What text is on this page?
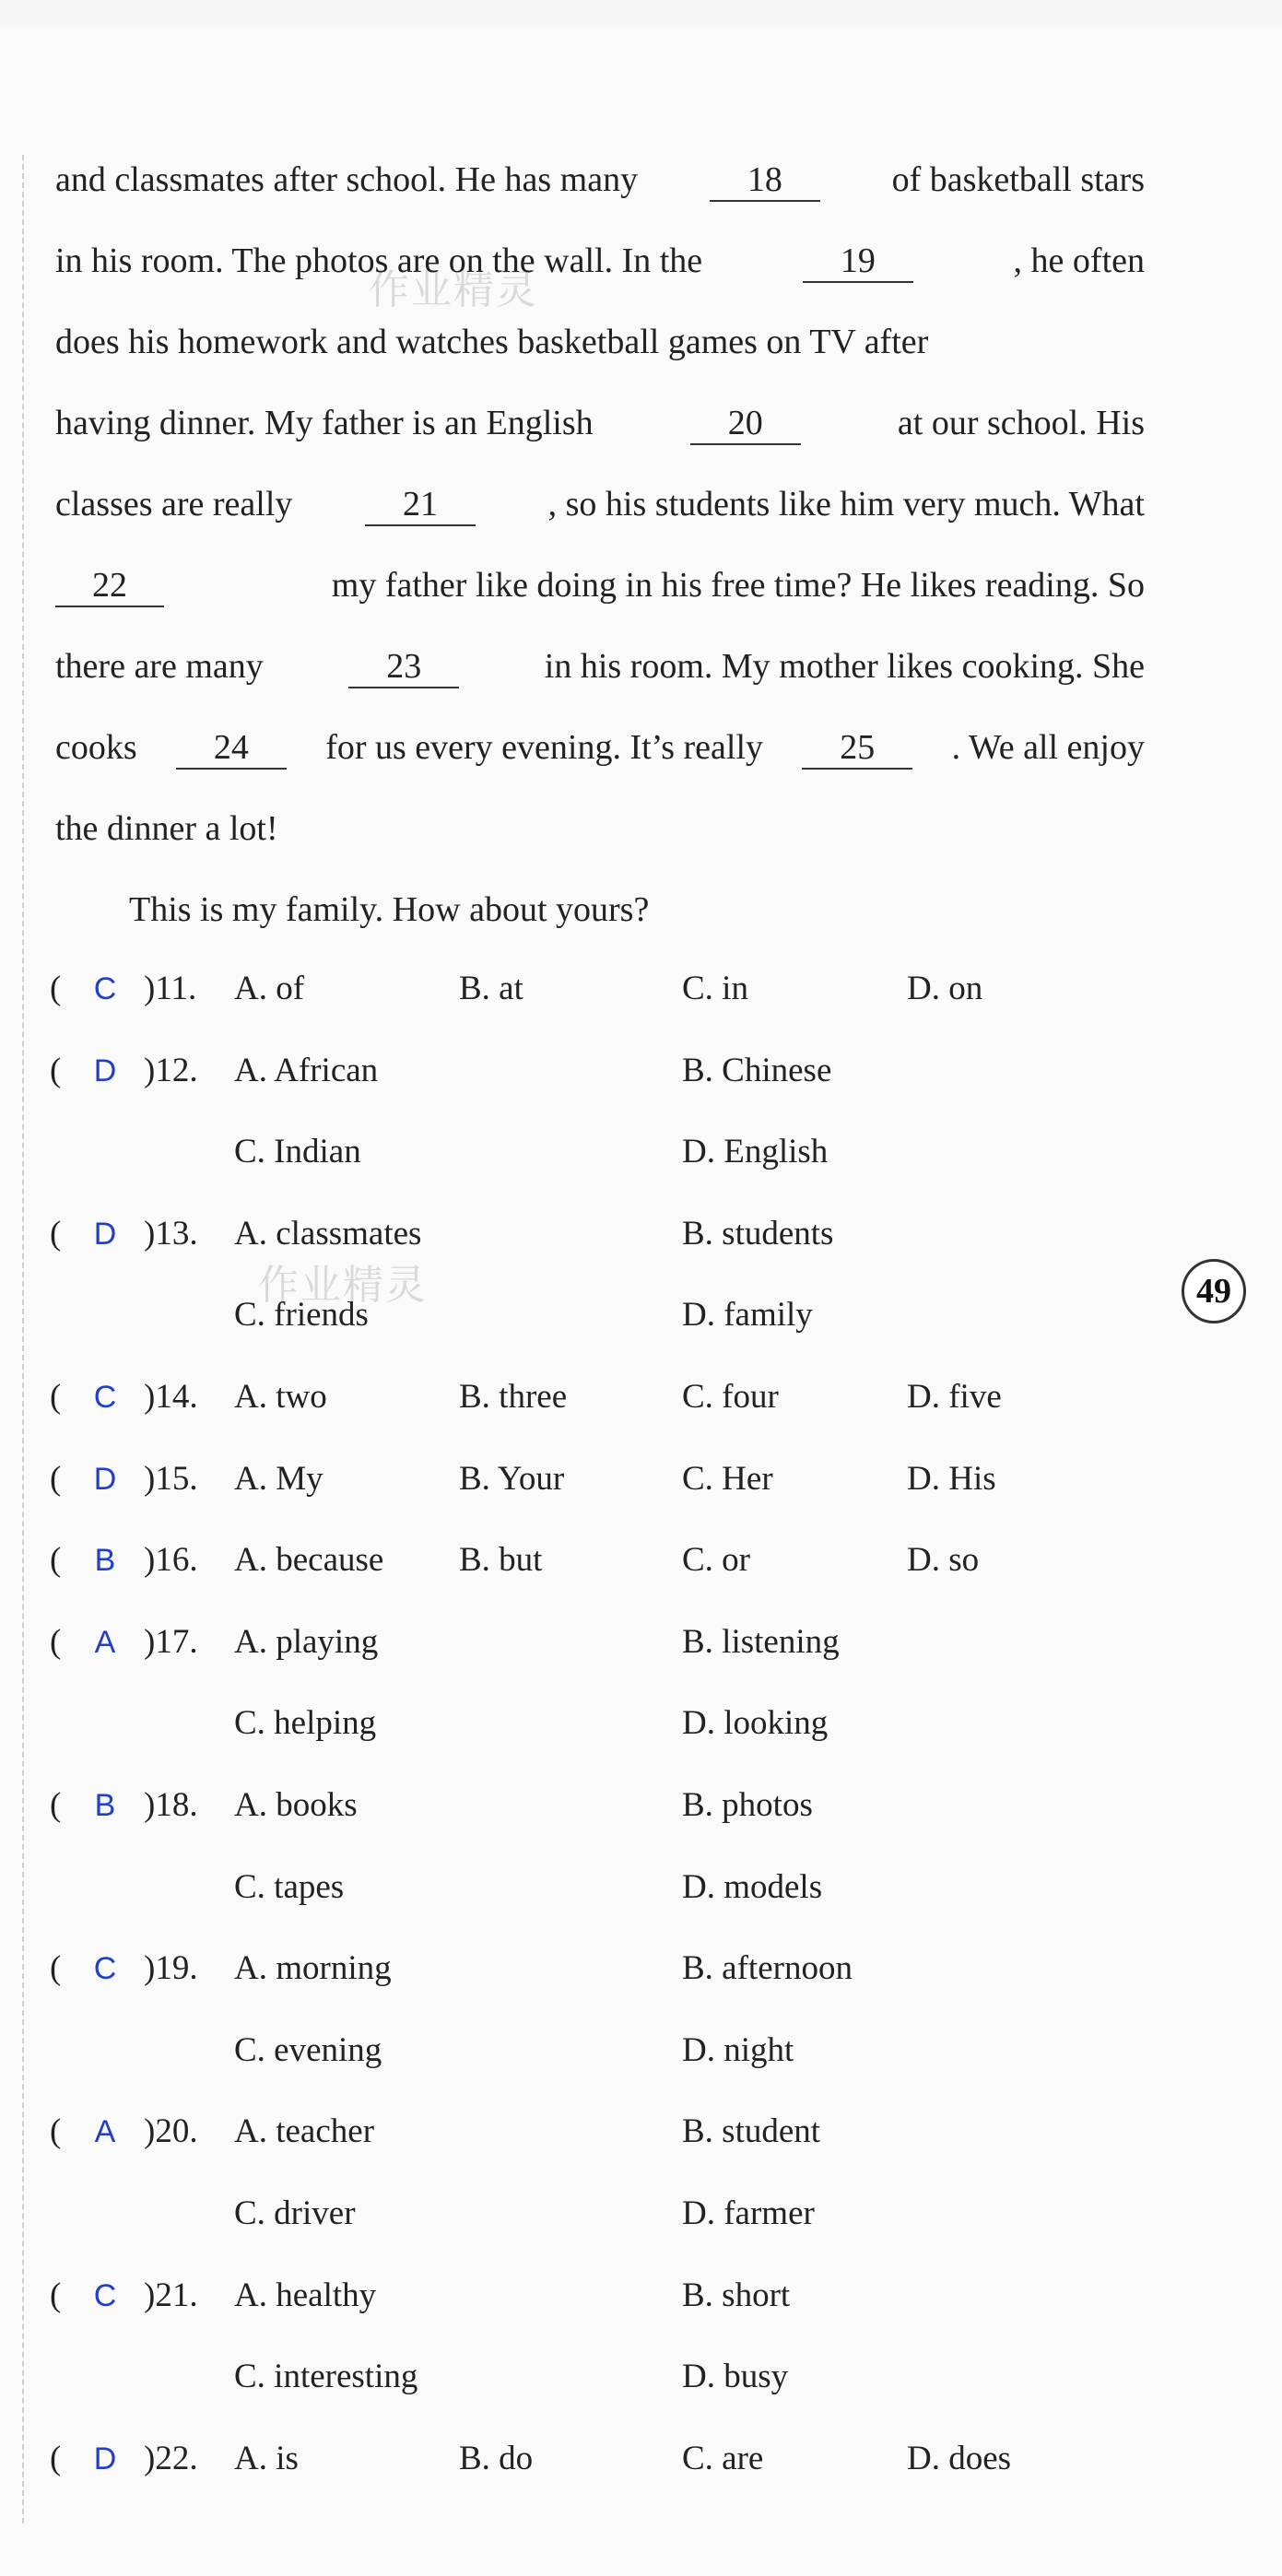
作业精灵
作业精灵
and classmates after school. He has many	18	of basketball stars
in his room. The photos are on the wall. In the	19	, he often
does his homework and watches basketball games on TV after
having dinner. My father is an English	20	at our school. His
classes are really	21	, so his students like him very much. What
22	my father like doing in his free time? He likes reading. So
there are many	23	in his room. My mother likes cooking. She
cooks	24	for us every evening. It’s really	25	. We all enjoy
the dinner a lot!
This is my family. How about yours?
49
( C )11. A. of	B. at	C. in	D. on
( D )12. A. African	B. Chinese
C. Indian	D. English
( D )13. A. classmates	B. students
C. friends	D. family
( C )14. A. two	B. three	C. four	D. five
( D )15. A. My	B. Your	C. Her	D. His
( B )16. A. because B. but	C. or	D. so
( A )17. A. playing	B. listening
C. helping	D. looking
( B )18. A. books	B. photos
C. tapes	D. models
( C )19. A. morning	B. afternoon
C. evening	D. night
( A )20. A. teacher	B. student
C. driver	D. farmer
( C )21. A. healthy	B. short
C. interesting	D. busy
( D )22. A. is	B. do	C. are	D. does
